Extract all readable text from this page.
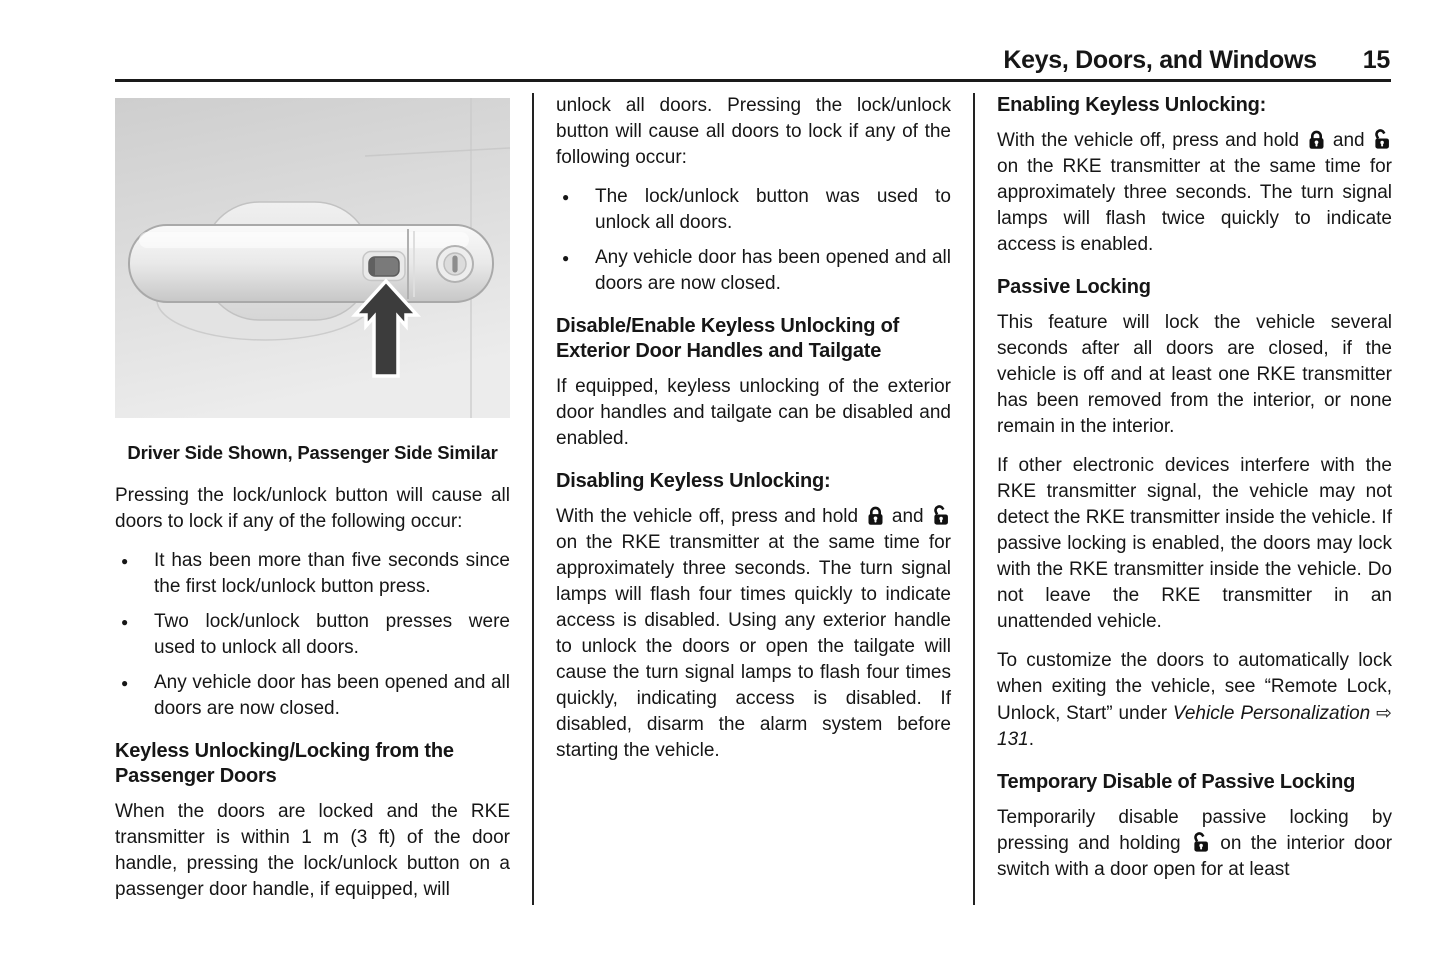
Keys, Doors, and Windows 15
Driver Side Shown, Passenger Side Similar

Pressing the lock/unlock button will cause all doors to lock if any of the following occur:

●	It has been more than five seconds since the first lock/unlock button press.
●	Two lock/unlock button presses were used to unlock all doors.
●	Any vehicle door has been opened and all doors are now closed.
Keyless Unlocking/Locking from the Passenger Doors

When the doors are locked and the RKE transmitter is within 1 m (3 ft) of the door handle, pressing the lock/unlock button on a passenger door handle, if equipped, will

unlock all doors. Pressing the lock/unlock button will cause all doors to lock if any of the following occur:

●	The lock/unlock button was used to unlock all doors.
●	Any vehicle door has been opened and all doors are now closed.
Disable/Enable Keyless Unlocking of Exterior Door Handles and Tailgate

If equipped, keyless unlocking of the exterior door handles and tailgate can be disabled and enabled.

Disabling Keyless Unlocking:

With the vehicle off, press and hold and
on the RKE transmitter at the same time for approximately three seconds. The turn signal lamps will flash four times quickly to indicate access is disabled. Using any exterior handle to unlock the doors or open the tailgate will cause the turn signal lamps to flash four times quickly, indicating access is disabled. If disabled, disarm the alarm system before starting the vehicle.

Enabling Keyless Unlocking:

With the vehicle off, press and hold and
on the RKE transmitter at the same time for approximately three seconds. The turn signal lamps will flash twice quickly to indicate access is enabled.

Passive Locking

This feature will lock the vehicle several seconds after all doors are closed, if the vehicle is off and at least one RKE transmitter has been removed from the interior, or none remain in the interior.

If other electronic devices interfere with the RKE transmitter signal, the vehicle may not detect the RKE transmitter inside the vehicle. If passive locking is enabled, the doors may lock with the RKE transmitter inside the vehicle. Do not leave the RKE transmitter in an unattended vehicle.

To customize the doors to automatically lock when exiting the vehicle, see “Remote Lock, Unlock, Start” under Vehicle Personalization ⇨ 131.

Temporary Disable of Passive Locking

Temporarily disable passive locking by pressing and holding on the interior door switch with a door open for at least
